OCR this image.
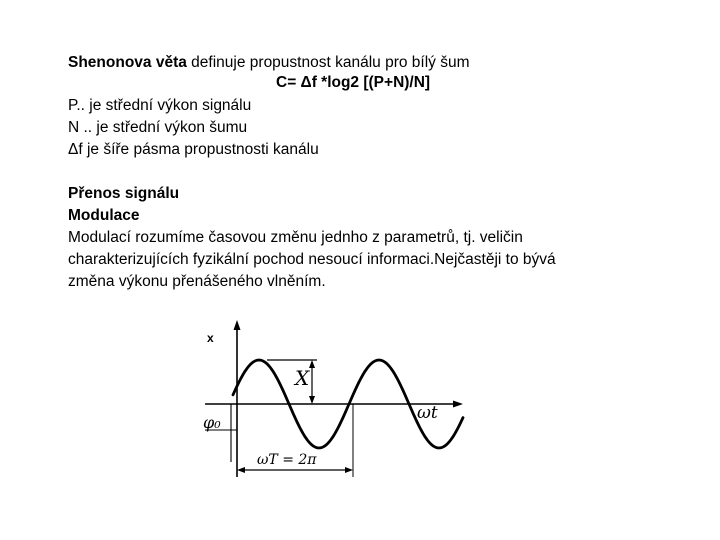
Shenonova věta definuje propustnost kanálu pro bílý šum
C= Δf *log2 [(P+N)/N]
P.. je střední výkon signálu
N .. je střední výkon šumu
Δf je šíře pásma propustnosti kanálu
Přenos signálu
Modulace
Modulací rozumíme časovou změnu jednho z parametrů, tj. veličin
charakterizujících fyzikální pochod nesoucí informaci.Nejčastěji to bývá
změna výkonu přenášeného vlněním.
x
X
φ₀	ωt
ωT = 2π
